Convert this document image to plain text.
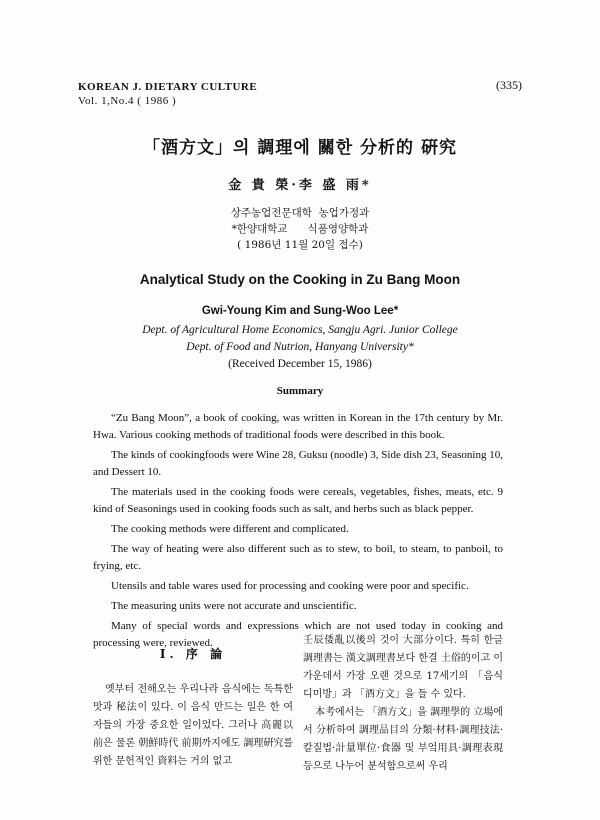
KOREAN J. DIETARY CULTURE
Vol. 1,No.4 ( 1986 )
(335)
「酒方文」의 調理에 關한 分析的 硏究
金 貴 榮·李 盛 雨*
상주농업전문대학  농업가정과
*한양대학교      식품영양학과
( 1986년 11월 20일 접수)
Analytical Study on the Cooking in Zu Bang Moon
Gwi-Young Kim and Sung-Woo Lee*
Dept. of Agricultural Home Economics, Sangju Agri. Junior College
Dept. of Food and Nutrion, Hanyang University*
(Received December 15, 1986)
Summary

“Zu Bang Moon”, a book of cooking, was written in Korean in the 17th century by Mr. Hwa. Various cooking methods of traditional foods were described in this book.

The kinds of cookingfoods were Wine 28, Guksu (noodle) 3, Side dish 23, Seasoning 10, and Dessert 10.

The materials used in the cooking foods were cereals, vegetables, fishes, meats, etc. 9 kind of Seasonings used in cooking foods such as salt, and herbs such as black pepper.

The cooking methods were different and complicated.

The way of heating were also different such as to stew, to boil, to steam, to panboil, to frying, etc.

Utensils and table wares used for processing and cooking were poor and specific.

The measuring units were not accurate and unscientific.

Many of special words and expressions which are not used today in cooking and processing were, reviewed.

Ⅰ. 序 論

옛부터 전해오는 우리나라 음식에는 독특한 맛과 秘法이 있다. 이 음식 만드는 일은 한 여자들의 가장 중요한 일이었다. 그러나 高麗以前은 물론 朝鮮時代 前期까지에도 調理硏究를 위한 문헌적인 資料는 거의 없고

壬辰倭亂以後의 것이 大部分이다. 특히 한글 調理書는 漢文調理書보다 한결 土俗的이고 이 가운데서 가장 오랜 것으로 17세기의 「음식디미방」과 「酒方文」을 들 수 있다.

本考에서는 「酒方文」을 調理學的 立場에서 分析하여 調理品目의 分類·材料·調理技法·칼질법·計量單位·食器 및 부엌用具·調理表現 등으로 나누어 분석함으로써 우리
